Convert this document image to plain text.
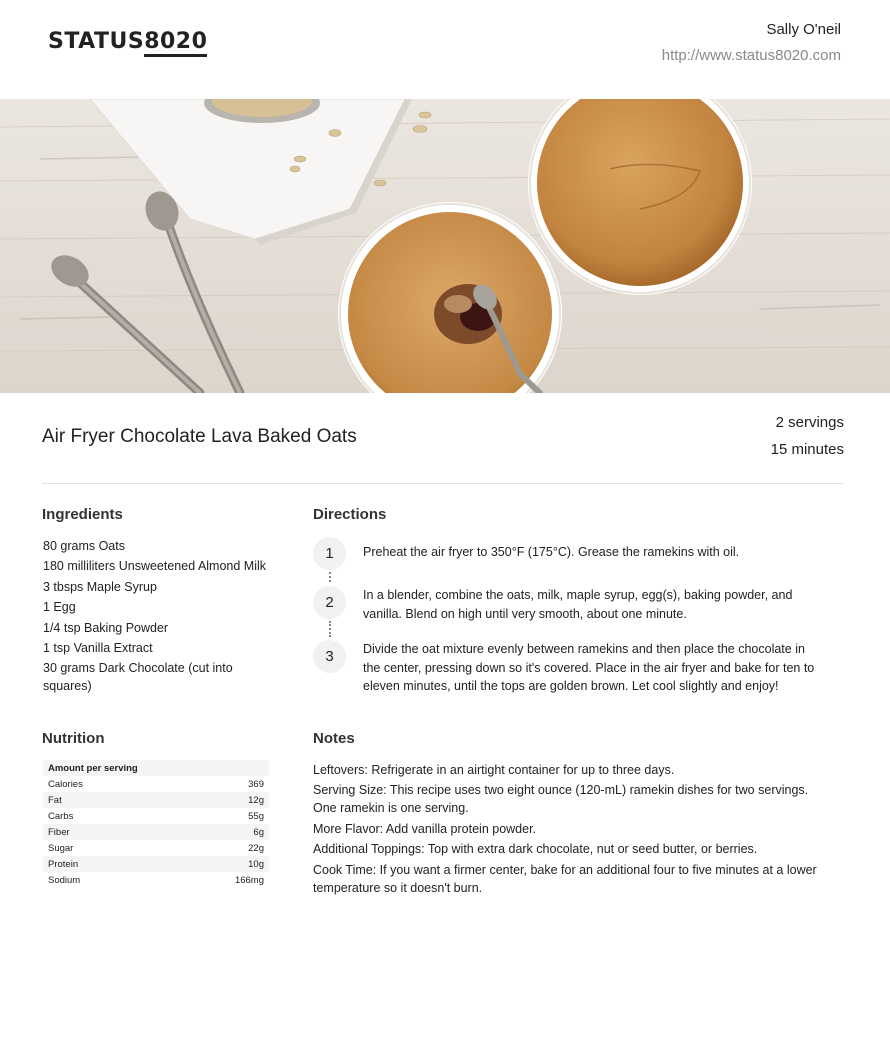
STATUS8020	Sally O'neil
http://www.status8020.com
Air Fryer Chocolate Lava Baked Oats
2 servings
15 minutes
Ingredients
80 grams Oats
180 milliliters Unsweetened Almond Milk
3 tbsps Maple Syrup
1 Egg
1/4 tsp Baking Powder
1 tsp Vanilla Extract
30 grams Dark Chocolate (cut into squares)
Directions
1	Preheat the air fryer to 350°F (175°C). Grease the ramekins with oil.
2	In a blender, combine the oats, milk, maple syrup, egg(s), baking powder, and vanilla. Blend on high until very smooth, about one minute.
3	Divide the oat mixture evenly between ramekins and then place the chocolate in the center, pressing down so it's covered. Place in the air fryer and bake for ten to eleven minutes, until the tops are golden brown. Let cool slightly and enjoy!
Nutrition
Amount per serving
Calories	369
Fat	12g
Carbs	55g
Fiber	6g
Sugar	22g
Protein	10g
Sodium	166mg
Notes

Leftovers: Refrigerate in an airtight container for up to three days.

Serving Size: This recipe uses two eight ounce (120-mL) ramekin dishes for two servings. One ramekin is one serving.

More Flavor: Add vanilla protein powder.

Additional Toppings: Top with extra dark chocolate, nut or seed butter, or berries.

Cook Time: If you want a firmer center, bake for an additional four to five minutes at a lower temperature so it doesn't burn.
